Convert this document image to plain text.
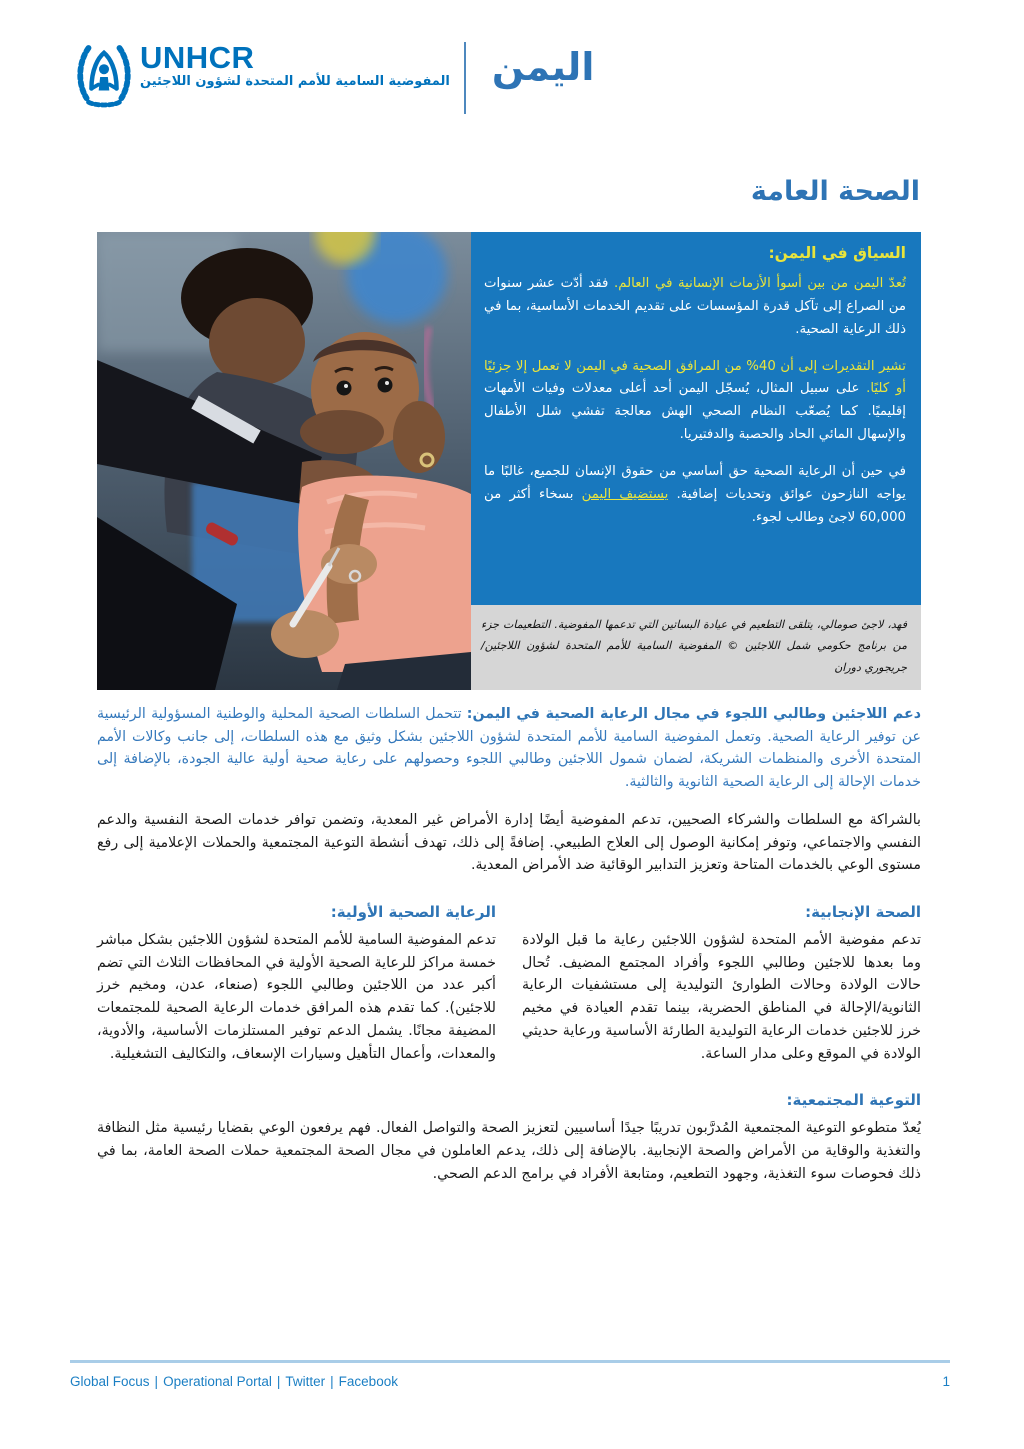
UNHCR
المفوضية السامية للأمم المتحدة لشؤون اللاجئين اليمن
الصحة العامة
السياق في اليمن:

تُعدّ اليمن من بين أسوأ الأزمات الإنسانية في العالم. فقد أدّت عشر سنوات من الصراع إلى تآكل قدرة المؤسسات على تقديم الخدمات الأساسية، بما في ذلك الرعاية الصحية.

تشير التقديرات إلى أن 40% من المرافق الصحية في اليمن لا تعمل إلا جزئيًا أو كليًا. على سبيل المثال، يُسجّل اليمن أحد أعلى معدلات وفيات الأمهات إقليميًا. كما يُصعّب النظام الصحي الهش معالجة تفشي شلل الأطفال والإسهال المائي الحاد والحصبة والدفتيريا.

في حين أن الرعاية الصحية حق أساسي من حقوق الإنسان للجميع، غالبًا ما يواجه النازحون عوائق وتحديات إضافية. يستضيف اليمن بسخاء أكثر من 60,000 لاجئ وطالب لجوء.

فهد، لاجئ صومالي، يتلقى التطعيم في عيادة البساتين التي تدعمها المفوضية. التطعيمات جزء من برنامج حكومي شمل اللاجئين © المفوضية السامية للأمم المتحدة لشؤون اللاجئين/جريجوري دوران

دعم اللاجئين وطالبي اللجوء في مجال الرعاية الصحية في اليمن: تتحمل السلطات الصحية المحلية والوطنية المسؤولية الرئيسية عن توفير الرعاية الصحية. وتعمل المفوضية السامية للأمم المتحدة لشؤون اللاجئين بشكل وثيق مع هذه السلطات، إلى جانب وكالات الأمم المتحدة الأخرى والمنظمات الشريكة، لضمان شمول اللاجئين وطالبي اللجوء وحصولهم على رعاية صحية أولية عالية الجودة، بالإضافة إلى خدمات الإحالة إلى الرعاية الصحية الثانوية والثالثية.

بالشراكة مع السلطات والشركاء الصحيين، تدعم المفوضية أيضًا إدارة الأمراض غير المعدية، وتضمن توافر خدمات الصحة النفسية والدعم النفسي والاجتماعي، وتوفر إمكانية الوصول إلى العلاج الطبيعي. إضافةً إلى ذلك، تهدف أنشطة التوعية المجتمعية والحملات الإعلامية إلى رفع مستوى الوعي بالخدمات المتاحة وتعزيز التدابير الوقائية ضد الأمراض المعدية.

الصحة الإنجابية:

تدعم مفوضية الأمم المتحدة لشؤون اللاجئين رعاية ما قبل الولادة وما بعدها للاجئين وطالبي اللجوء وأفراد المجتمع المضيف. تُحال حالات الولادة وحالات الطوارئ التوليدية إلى مستشفيات الرعاية الثانوية/الإحالة في المناطق الحضرية، بينما تقدم العيادة في مخيم خرز للاجئين خدمات الرعاية التوليدية الطارئة الأساسية ورعاية حديثي الولادة في الموقع وعلى مدار الساعة.

الرعاية الصحية الأولية:

تدعم المفوضية السامية للأمم المتحدة لشؤون اللاجئين بشكل مباشر خمسة مراكز للرعاية الصحية الأولية في المحافظات الثلاث التي تضم أكبر عدد من اللاجئين وطالبي اللجوء (صنعاء، عدن، ومخيم خرز للاجئين). كما تقدم هذه المرافق خدمات الرعاية الصحية للمجتمعات المضيفة مجانًا. يشمل الدعم توفير المستلزمات الأساسية، والأدوية، والمعدات، وأعمال التأهيل وسيارات الإسعاف، والتكاليف التشغيلية.

التوعية المجتمعية:

يُعدّ متطوعو التوعية المجتمعية المُدرَّبون تدريبًا جيدًا أساسيين لتعزيز الصحة والتواصل الفعال. فهم يرفعون الوعي بقضايا رئيسية مثل النظافة والتغذية والوقاية من الأمراض والصحة الإنجابية. بالإضافة إلى ذلك، يدعم العاملون في مجال الصحة المجتمعية حملات الصحة العامة، بما في ذلك فحوصات سوء التغذية، وجهود التطعيم، ومتابعة الأفراد في برامج الدعم الصحي.

Global Focus | Operational Portal | Twitter | Facebook	1
